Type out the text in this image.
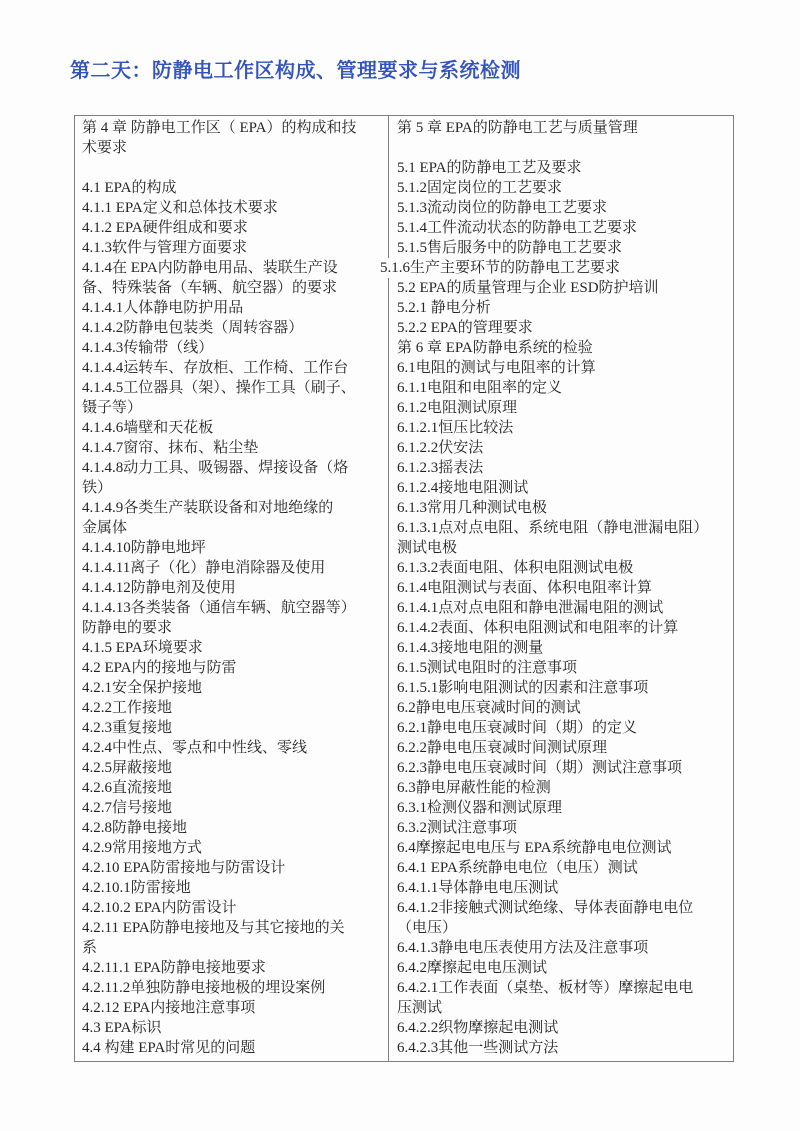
第二天：防静电工作区构成、管理要求与系统检测
第 4 章 防静电工作区（ EPA）的构成和技
术要求

4.1 EPA的构成
4.1.1 EPA定义和总体技术要求
4.1.2 EPA硬件组成和要求
4.1.3软件与管理方面要求
4.1.4在 EPA内防静电用品、装联生产设
备、特殊装备（车辆、航空器）的要求
4.1.4.1人体静电防护用品
4.1.4.2防静电包装类（周转容器）
4.1.4.3传输带（线）
4.1.4.4运转车、存放柜、工作椅、工作台
4.1.4.5工位器具（架）、操作工具（刷子、
镊子等）
4.1.4.6墙壁和天花板
4.1.4.7窗帘、抹布、粘尘垫
4.1.4.8动力工具、吸锡器、焊接设备（烙
铁）
4.1.4.9各类生产装联设备和对地绝缘的
金属体
4.1.4.10防静电地坪
4.1.4.11离子（化）静电消除器及使用
4.1.4.12防静电剂及使用
4.1.4.13各类装备（通信车辆、航空器等）
防静电的要求
4.1.5 EPA环境要求
4.2 EPA内的接地与防雷
4.2.1安全保护接地
4.2.2工作接地
4.2.3重复接地
4.2.4中性点、零点和中性线、零线
4.2.5屏蔽接地
4.2.6直流接地
4.2.7信号接地
4.2.8防静电接地
4.2.9常用接地方式
4.2.10 EPA防雷接地与防雷设计
4.2.10.1防雷接地
4.2.10.2 EPA内防雷设计
4.2.11 EPA防静电接地及与其它接地的关
系
4.2.11.1 EPA防静电接地要求
4.2.11.2单独防静电接地极的埋设案例
4.2.12 EPA内接地注意事项
4.3 EPA标识
4.4 构建 EPA时常见的问题
第 5 章 EPA的防静电工艺与质量管理

5.1 EPA的防静电工艺及要求
5.1.2固定岗位的工艺要求
5.1.3流动岗位的防静电工艺要求
5.1.4工件流动状态的防静电工艺要求
5.1.5售后服务中的防静电工艺要求
5.1.6生产主要环节的防静电工艺要求
5.2 EPA的质量管理与企业 ESD防护培训
5.2.1 静电分析
5.2.2 EPA的管理要求
第 6 章 EPA防静电系统的检验
6.1电阻的测试与电阻率的计算
6.1.1电阻和电阻率的定义
6.1.2电阻测试原理
6.1.2.1恒压比较法
6.1.2.2伏安法
6.1.2.3摇表法
6.1.2.4接地电阻测试
6.1.3常用几种测试电极
6.1.3.1点对点电阻、系统电阻（静电泄漏电阻）
测试电极
6.1.3.2表面电阻、体积电阻测试电极
6.1.4电阻测试与表面、体积电阻率计算
6.1.4.1点对点电阻和静电泄漏电阻的测试
6.1.4.2表面、体积电阻测试和电阻率的计算
6.1.4.3接地电阻的测量
6.1.5测试电阻时的注意事项
6.1.5.1影响电阻测试的因素和注意事项
6.2静电电压衰减时间的测试
6.2.1静电电压衰减时间（期）的定义
6.2.2静电电压衰减时间测试原理
6.2.3静电电压衰减时间（期）测试注意事项
6.3静电屏蔽性能的检测
6.3.1检测仪器和测试原理
6.3.2测试注意事项
6.4摩擦起电电压与 EPA系统静电电位测试
6.4.1 EPA系统静电电位（电压）测试
6.4.1.1导体静电电压测试
6.4.1.2非接触式测试绝缘、导体表面静电电位
（电压）
6.4.1.3静电电压表使用方法及注意事项
6.4.2摩擦起电电压测试
6.4.2.1工作表面（桌垫、板材等）摩擦起电电
压测试
6.4.2.2织物摩擦起电测试
6.4.2.3其他一些测试方法
